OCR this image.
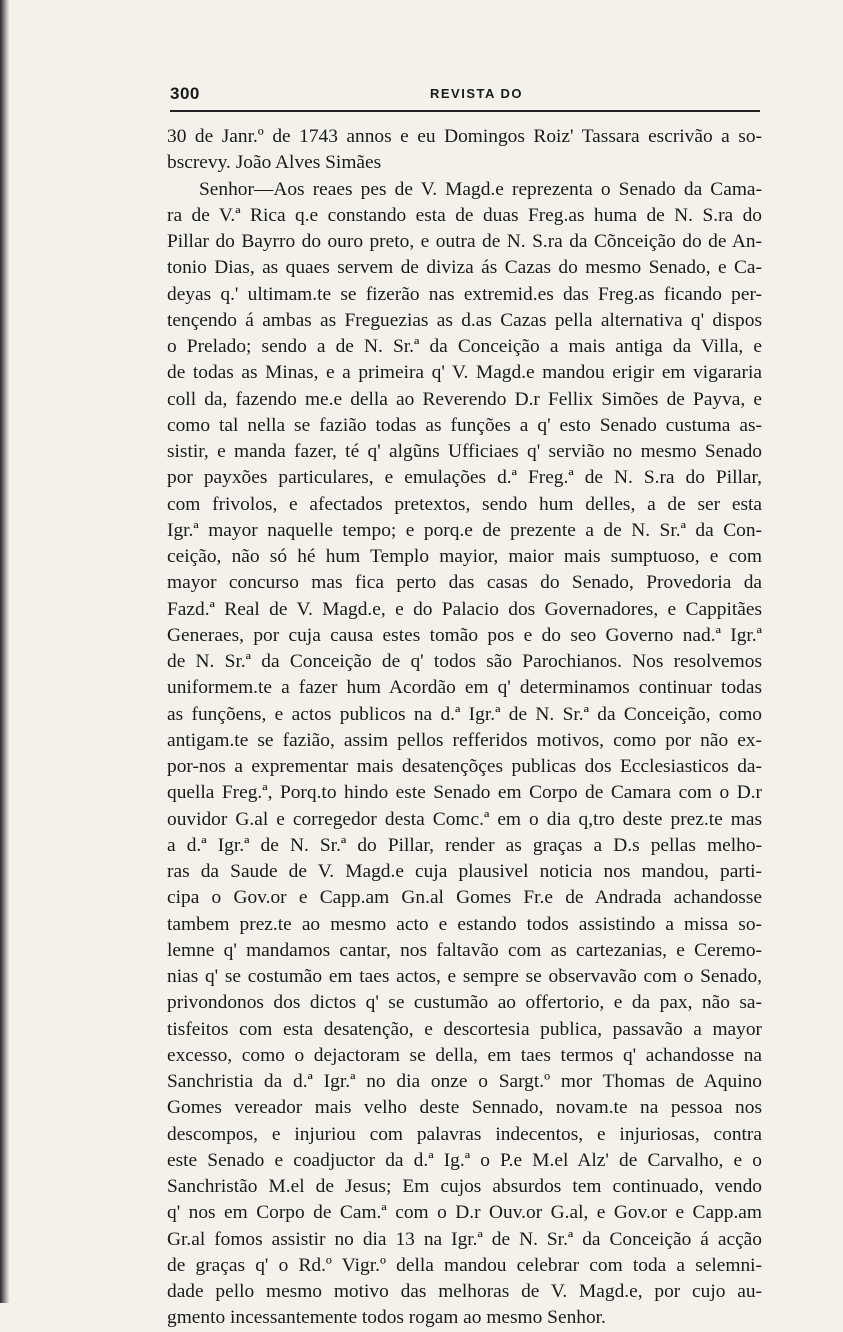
300	REVISTA DO
30 de Janr.º de 1743 annos e eu Domingos Roiz' Tassara escrivão a so-
bscrevy. João Alves Simães
Senhor—Aos reaes pes de V. Magd.e reprezenta o Senado da Cama-
ra de V.ª Rica q.e constando esta de duas Freg.as huma de N. S.ra do
Pillar do Bayrro do ouro preto, e outra de N. S.ra da Cõnceição do de An-
tonio Dias, as quaes servem de diviza ás Cazas do mesmo Senado, e Ca-
deyas q.' ultimam.te se fizerão nas extremid.es das Freg.as ficando per-
tençendo á ambas as Freguezias as d.as Cazas pella alternativa q' dispos
o Prelado; sendo a de N. Sr.ª da Conceição a mais antiga da Villa, e
de todas as Minas, e a primeira q' V. Magd.e mandou erigir em vigararia
coll da, fazendo me.e della ao Reverendo D.r Fellix Simões de Payva, e
como tal nella se fazião todas as funções a q' esto Senado custuma as-
sistir, e manda fazer, té q' algũns Ufficiaes q' servião no mesmo Senado
por payxões particulares, e emulações d.ª Freg.ª de N. S.ra do Pillar,
com frivolos, e afectados pretextos, sendo hum delles, a de ser esta
Igr.ª mayor naquelle tempo; e porq.e de prezente a de N. Sr.ª da Con-
ceição, não só hé hum Templo mayior, maior mais sumptuoso, e com
mayor concurso mas fica perto das casas do Senado, Provedoria da
Fazd.ª Real de V. Magd.e, e do Palacio dos Governadores, e Cappitães
Generaes, por cuja causa estes tomão pos e do seo Governo nad.ª Igr.ª
de N. Sr.ª da Conceição de q' todos são Parochianos. Nos resolvemos
uniformem.te a fazer hum Acordão em q' determinamos continuar todas
as funçõens, e actos publicos na d.ª Igr.ª de N. Sr.ª da Conceição, como
antigam.te se fazião, assim pellos refferidos motivos, como por não ex-
por-nos a exprementar mais desatençõçes publicas dos Ecclesiasticos da-
quella Freg.ª, Porq.to hindo este Senado em Corpo de Camara com o D.r
ouvidor G.al e corregedor desta Comc.ª em o dia q,tro deste prez.te mas
a d.ª Igr.ª de N. Sr.ª do Pillar, render as graças a D.s pellas melho-
ras da Saude de V. Magd.e cuja plausivel noticia nos mandou, parti-
cipa o Gov.or e Capp.am Gn.al Gomes Fr.e de Andrada achandosse
tambem prez.te ao mesmo acto e estando todos assistindo a missa so-
lemne q' mandamos cantar, nos faltavão com as cartezanias, e Ceremo-
nias q' se costumão em taes actos, e sempre se observavão com o Senado,
privondonos dos dictos q' se custumão ao offertorio, e da pax, não sa-
tisfeitos com esta desatenção, e descortesia publica, passavão a mayor
excesso, como o dejactoram se della, em taes termos q' achandosse na
Sanchristia da d.ª Igr.ª no dia onze o Sargt.º mor Thomas de Aquino
Gomes vereador mais velho deste Sennado, novam.te na pessoa nos
descompos, e injuriou com palavras indecentos, e injuriosas, contra
este Senado e coadjuctor da d.ª Ig.ª o P.e M.el Alz' de Carvalho, e o
Sanchristão M.el de Jesus; Em cujos absurdos tem continuado, vendo
q' nos em Corpo de Cam.ª com o D.r Ouv.or G.al, e Gov.or e Capp.am
Gr.al fomos assistir no dia 13 na Igr.ª de N. Sr.ª da Conceição á acção
de graças q' o Rd.º Vigr.º della mandou celebrar com toda a selemni-
dade pello mesmo motivo das melhoras de V. Magd.e, por cujo au-
gmento incessantemente todos rogam ao mesmo Senhor.
